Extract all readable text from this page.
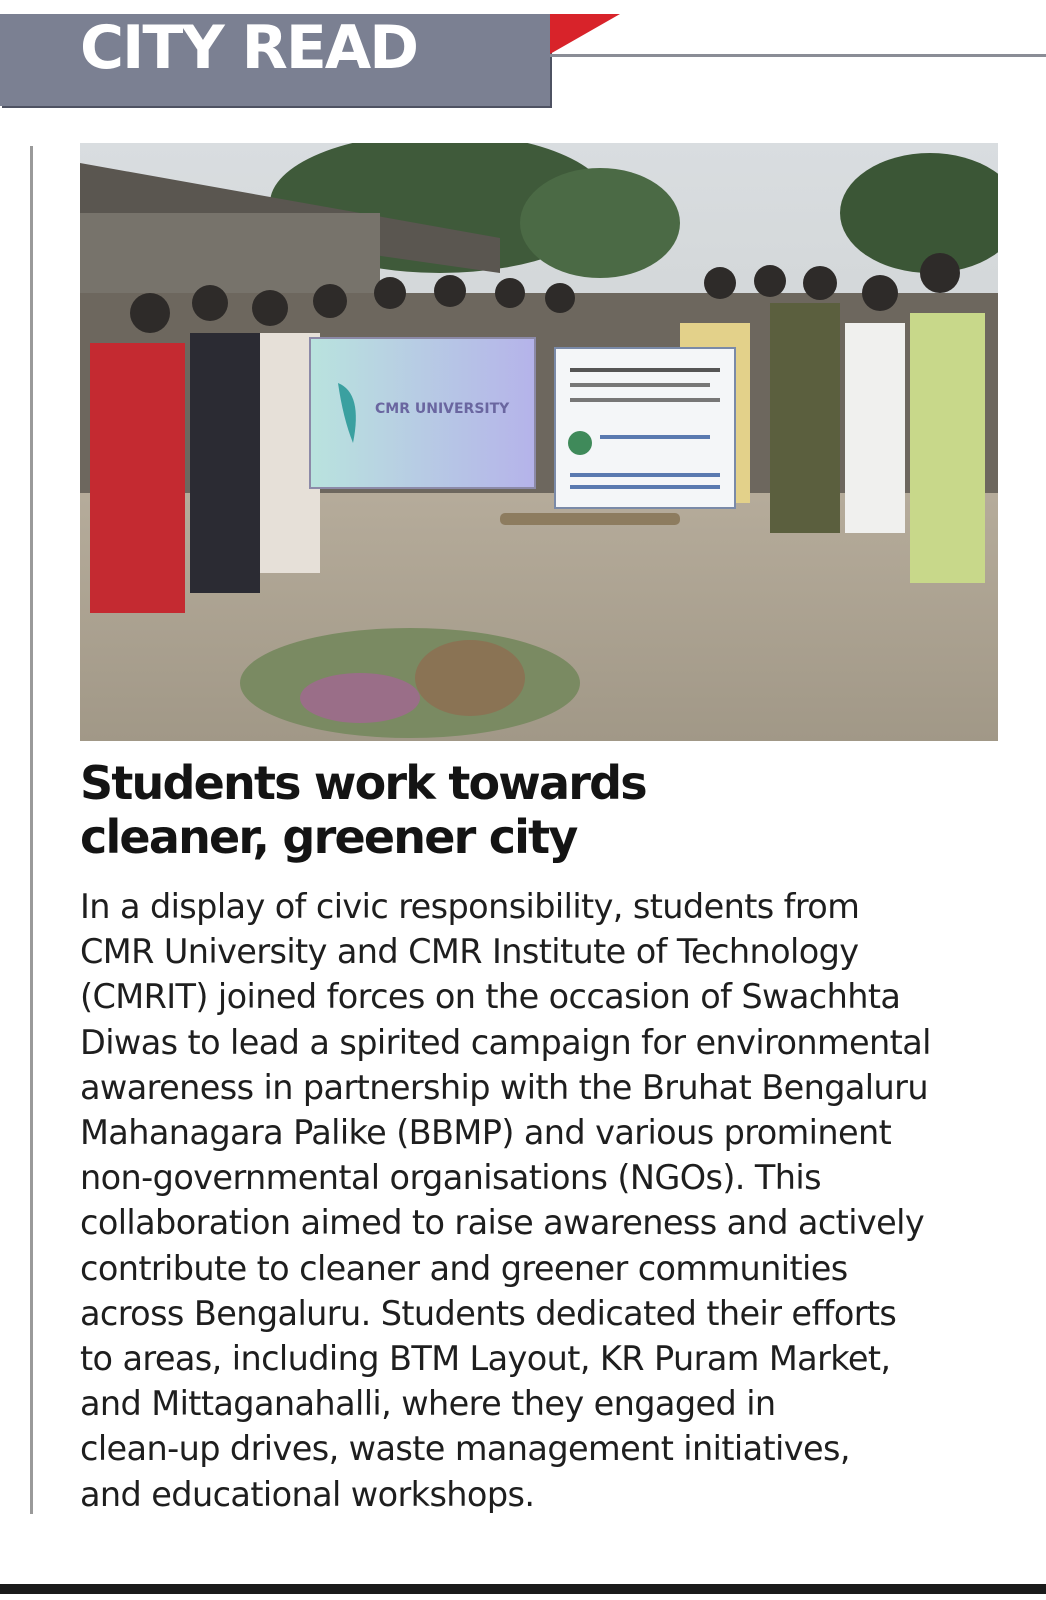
CITY READ
CMR UNIVERSITY
Students work towards
cleaner, greener city

In a display of civic responsibility, students from
CMR University and CMR Institute of Technology
(CMRIT) joined forces on the occasion of Swachhta
Diwas to lead a spirited campaign for environmental
awareness in partnership with the Bruhat Bengaluru
Mahanagara Palike (BBMP) and various prominent
non-governmental organisations (NGOs). This
collaboration aimed to raise awareness and actively
contribute to cleaner and greener communities
across Bengaluru. Students dedicated their efforts
to areas, including BTM Layout, KR Puram Market,
and Mittaganahalli, where they engaged in
clean-up drives, waste management initiatives,
and educational workshops.
